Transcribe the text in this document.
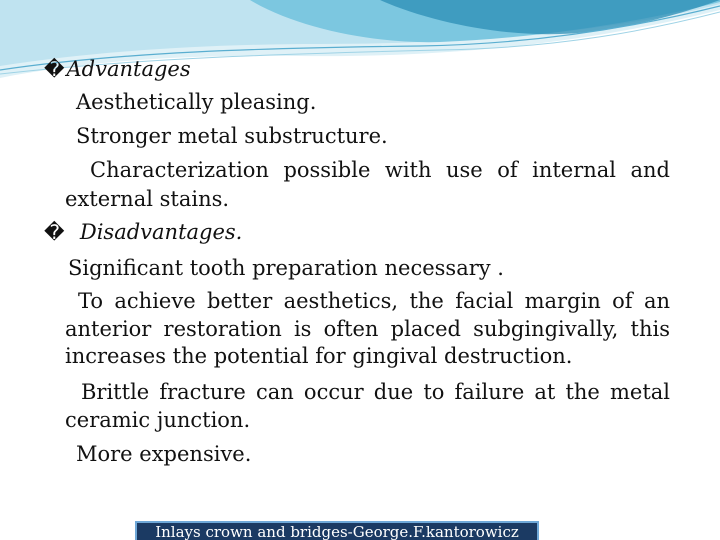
�Advantages
Aesthetically pleasing.
Stronger metal substructure.
Characterization possible with use of internal and
external stains.
� Disadvantages.
Significant tooth preparation necessary .
To achieve better aesthetics, the facial margin of an
anterior restoration is often placed subgingivally, this
increases the potential for gingival destruction.
Brittle fracture can occur due to failure at the metal
ceramic junction.
More expensive.
Inlays crown and bridges-George.F.kantorowicz
